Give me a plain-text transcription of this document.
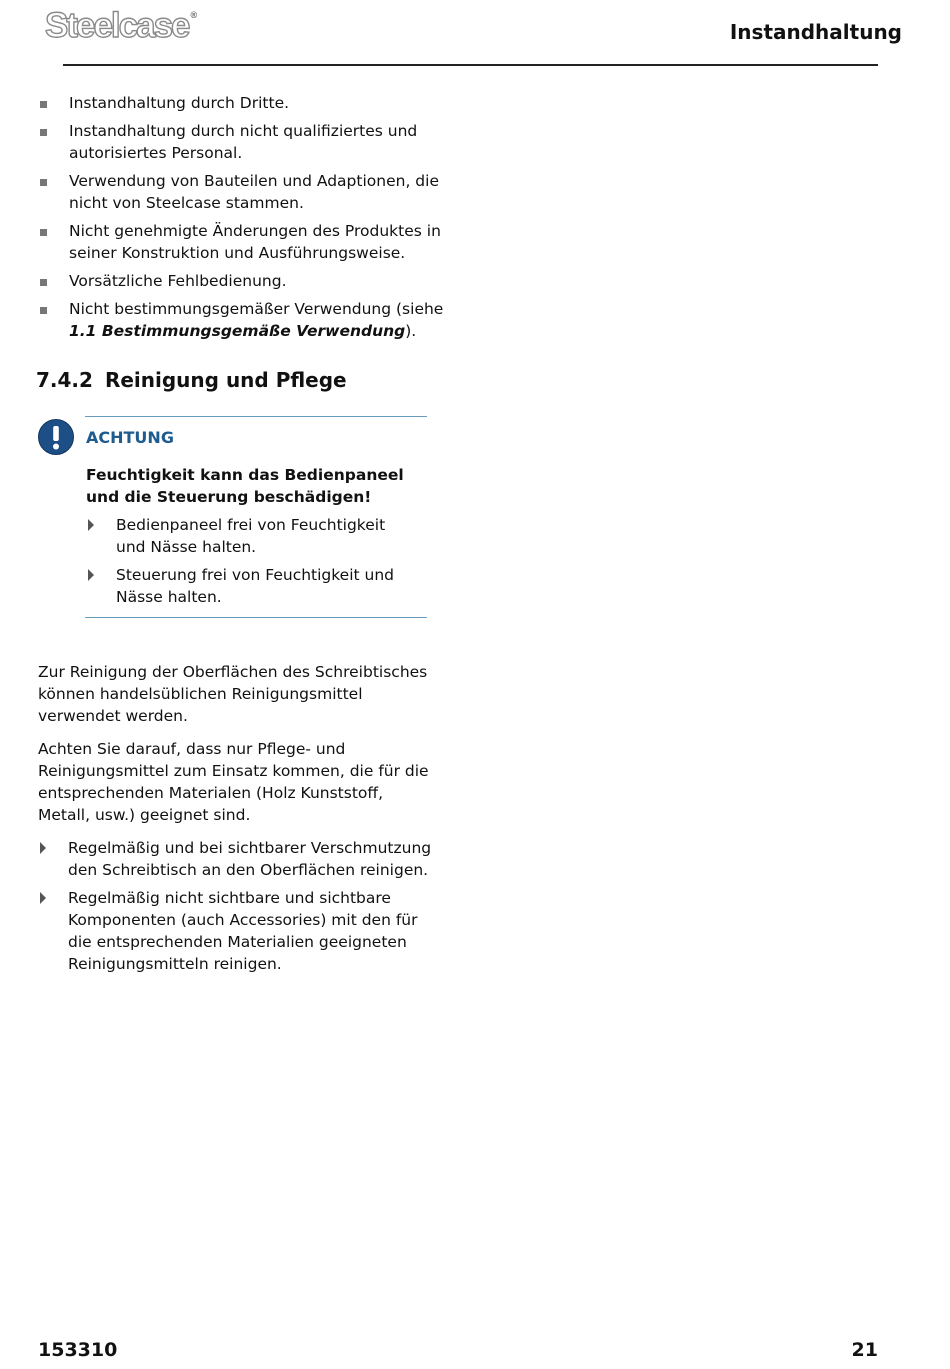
Steelcase ®
Instandhaltung
Instandhaltung durch Dritte.
Instandhaltung durch nicht qualifiziertes und autorisiertes Personal.
Verwendung von Bauteilen und Adaptionen, die nicht von Steelcase stammen.
Nicht genehmigte Änderungen des Produktes in seiner Konstruktion und Ausführungsweise.
Vorsätzliche Fehlbedienung.
Nicht bestimmungsgemäßer Verwendung (siehe 1.1 Bestimmungsgemäße Verwendung).
7.4.2 Reinigung und Pflege
ACHTUNG
Feuchtigkeit kann das Bedienpaneel und die Steuerung beschädigen!
Bedienpaneel frei von Feuchtigkeit und Nässe halten.
Steuerung frei von Feuchtigkeit und Nässe halten.

Zur Reinigung der Oberflächen des Schreibtisches können handelsüblichen Reinigungsmittel verwendet werden.

Achten Sie darauf, dass nur Pflege- und Reinigungsmittel zum Einsatz kommen, die für die entsprechenden Materialen (Holz Kunststoff, Metall, usw.) geeignet sind.

Regelmäßig und bei sichtbarer Verschmutzung den Schreibtisch an den Oberflächen reinigen.
Regelmäßig nicht sichtbare und sichtbare Komponenten (auch Accessories) mit den für die entsprechenden Materialien geeigneten Reinigungsmitteln reinigen.
153310	21
